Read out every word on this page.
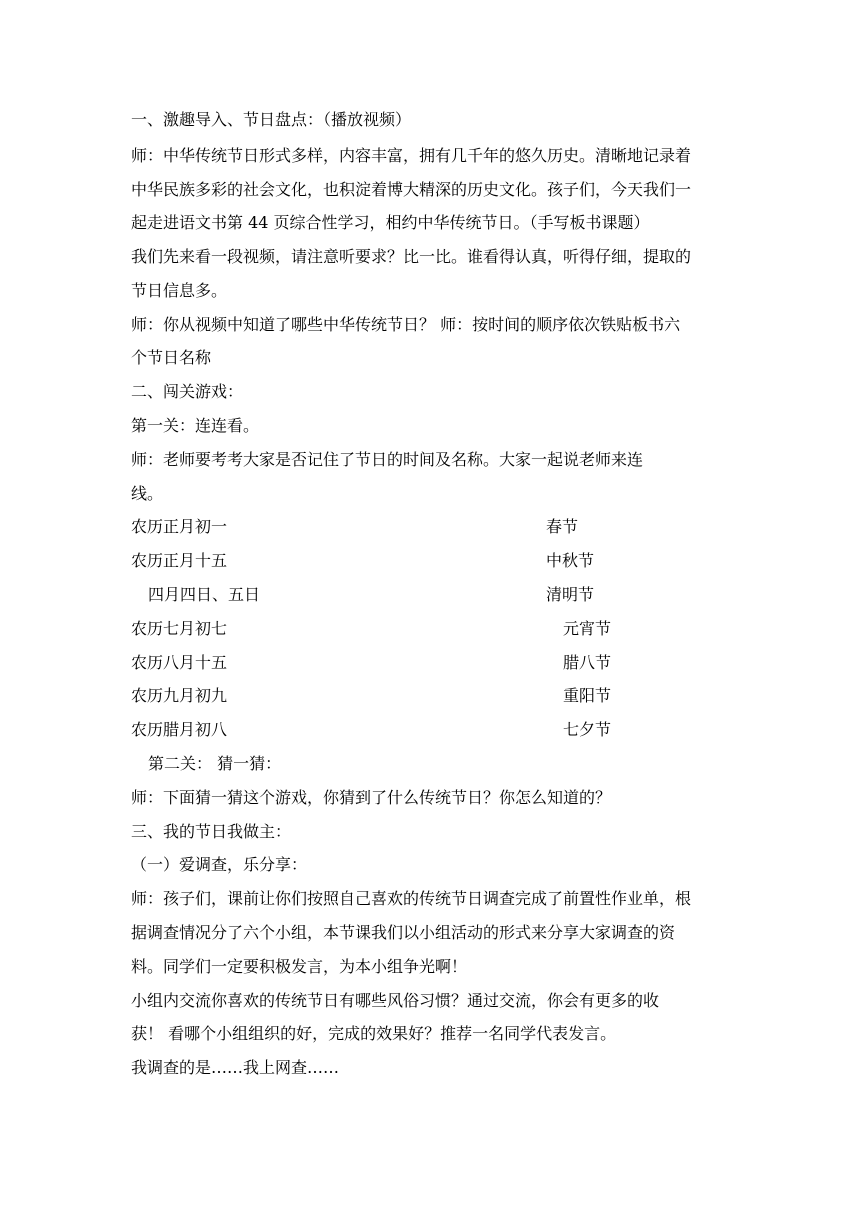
一、激趣导入、节日盘点：（播放视频）
师：中华传统节日形式多样，内容丰富，拥有几千年的悠久历史。清晰地记录着
中华民族多彩的社会文化，也积淀着博大精深的历史文化。孩子们，今天我们一
起走进语文书第 44 页综合性学习，相约中华传统节日。（手写板书课题）
我们先来看一段视频，请注意听要求？比一比。谁看得认真，听得仔细，提取的
节日信息多。
师：你从视频中知道了哪些中华传统节日？ 师：按时间的顺序依次铁贴板书六
个节日名称
二、闯关游戏：
第一关：连连看。
师：老师要考考大家是否记住了节日的时间及名称。大家一起说老师来连
线。
农历正月初一
农历正月十五
四月四日、五日
农历七月初七
农历八月十五
农历九月初九
农历腊月初八
春节
中秋节
清明节
元宵节
腊八节
重阳节
七夕节
第二关： 猜一猜：
师：下面猜一猜这个游戏，你猜到了什么传统节日？你怎么知道的？
三、我的节日我做主：
（一）爱调查，乐分享：
师：孩子们，课前让你们按照自己喜欢的传统节日调查完成了前置性作业单，根
据调查情况分了六个小组，本节课我们以小组活动的形式来分享大家调查的资
料。同学们一定要积极发言，为本小组争光啊！
小组内交流你喜欢的传统节日有哪些风俗习惯？通过交流，你会有更多的收
获！ 看哪个小组组织的好，完成的效果好？推荐一名同学代表发言。
我调查的是……我上网查……
